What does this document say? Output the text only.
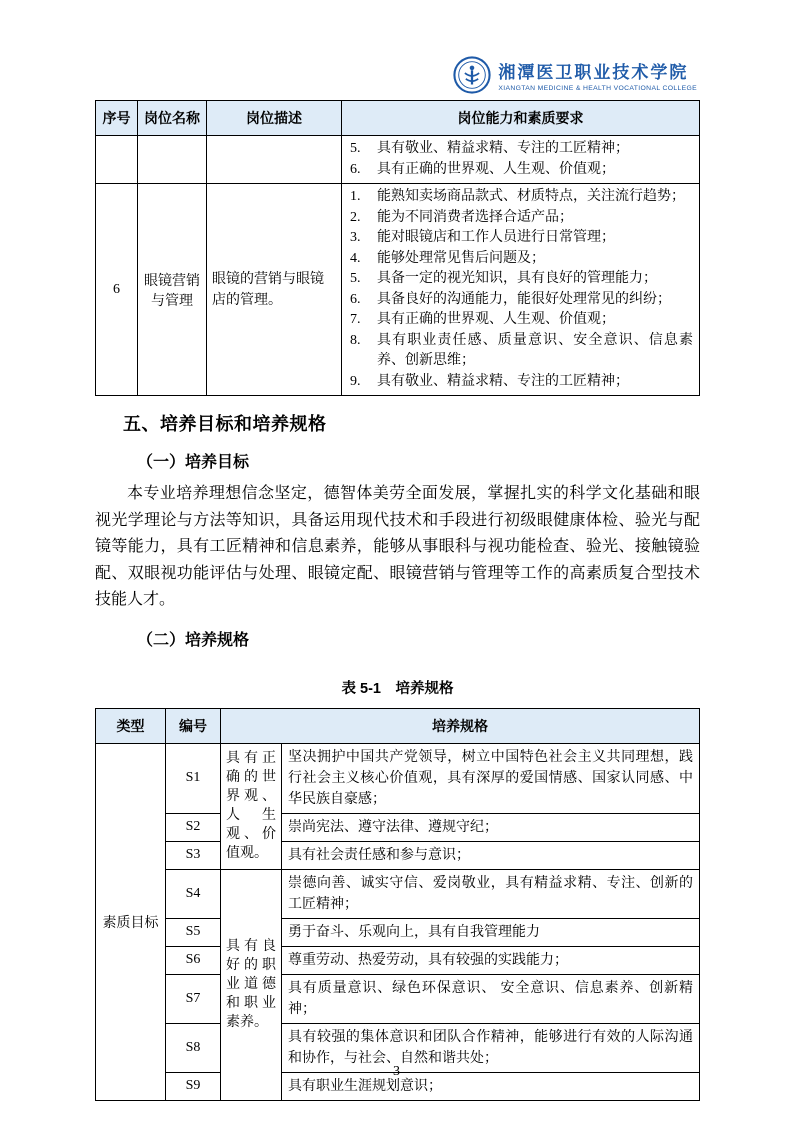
湘潭医卫职业技术学院
XIANGTAN MEDICINE & HEALTH VOCATIONAL COLLEGE
序号	岗位名称	岗位描述	岗位能力和素质要求

			5. 具有敬业、精益求精、专注的工匠精神；
6. 具有正确的世界观、人生观、价值观；

6	眼镜营销与管理	眼镜的营销与眼镜店的管理。	
1.	能熟知卖场商品款式、材质特点，关注流行趋势；
2.	能为不同消费者选择合适产品；
3.	能对眼镜店和工作人员进行日常管理；
4.	能够处理常见售后问题及；
5.	具备一定的视光知识，具有良好的管理能力；
6.	具备良好的沟通能力，能很好处理常见的纠纷；
7.	具有正确的世界观、人生观、价值观；
8.	具有职业责任感、质量意识、安全意识、信息素养、创新思维；
9.	具有敬业、精益求精、专注的工匠精神；
五、培养目标和培养规格
（一）培养目标
本专业培养理想信念坚定，德智体美劳全面发展，掌握扎实的科学文化基础和眼视光学理论与方法等知识，具备运用现代技术和手段进行初级眼健康体检、验光与配镜等能力，具有工匠精神和信息素养，能够从事眼科与视功能检查、验光、接触镜验配、双眼视功能评估与处理、眼镜定配、眼镜营销与管理等工作的高素质复合型技术技能人才。
（二）培养规格
表 5-1　培养规格
类型	编号	培养规格	
素质目标	S1	具有正确的世界观、人生观、价值观。	坚决拥护中国共产党领导，树立中国特色社会主义共同理想，践行社会主义核心价值观，具有深厚的爱国情感、国家认同感、中华民族自豪感；
	S2		崇尚宪法、遵守法律、遵规守纪；
	S3		具有社会责任感和参与意识；
	S4	具有良好的职业道德和职业素养。	崇德向善、诚实守信、爱岗敬业，具有精益求精、专注、创新的工匠精神；
	S5		勇于奋斗、乐观向上，具有自我管理能力
	S6		尊重劳动、热爱劳动，具有较强的实践能力；
	S7		具有质量意识、绿色环保意识、 安全意识、信息素养、创新精神；
	S8		具有较强的集体意识和团队合作精神，能够进行有效的人际沟通和协作，与社会、自然和谐共处；
	S9		具有职业生涯规划意识；
3
